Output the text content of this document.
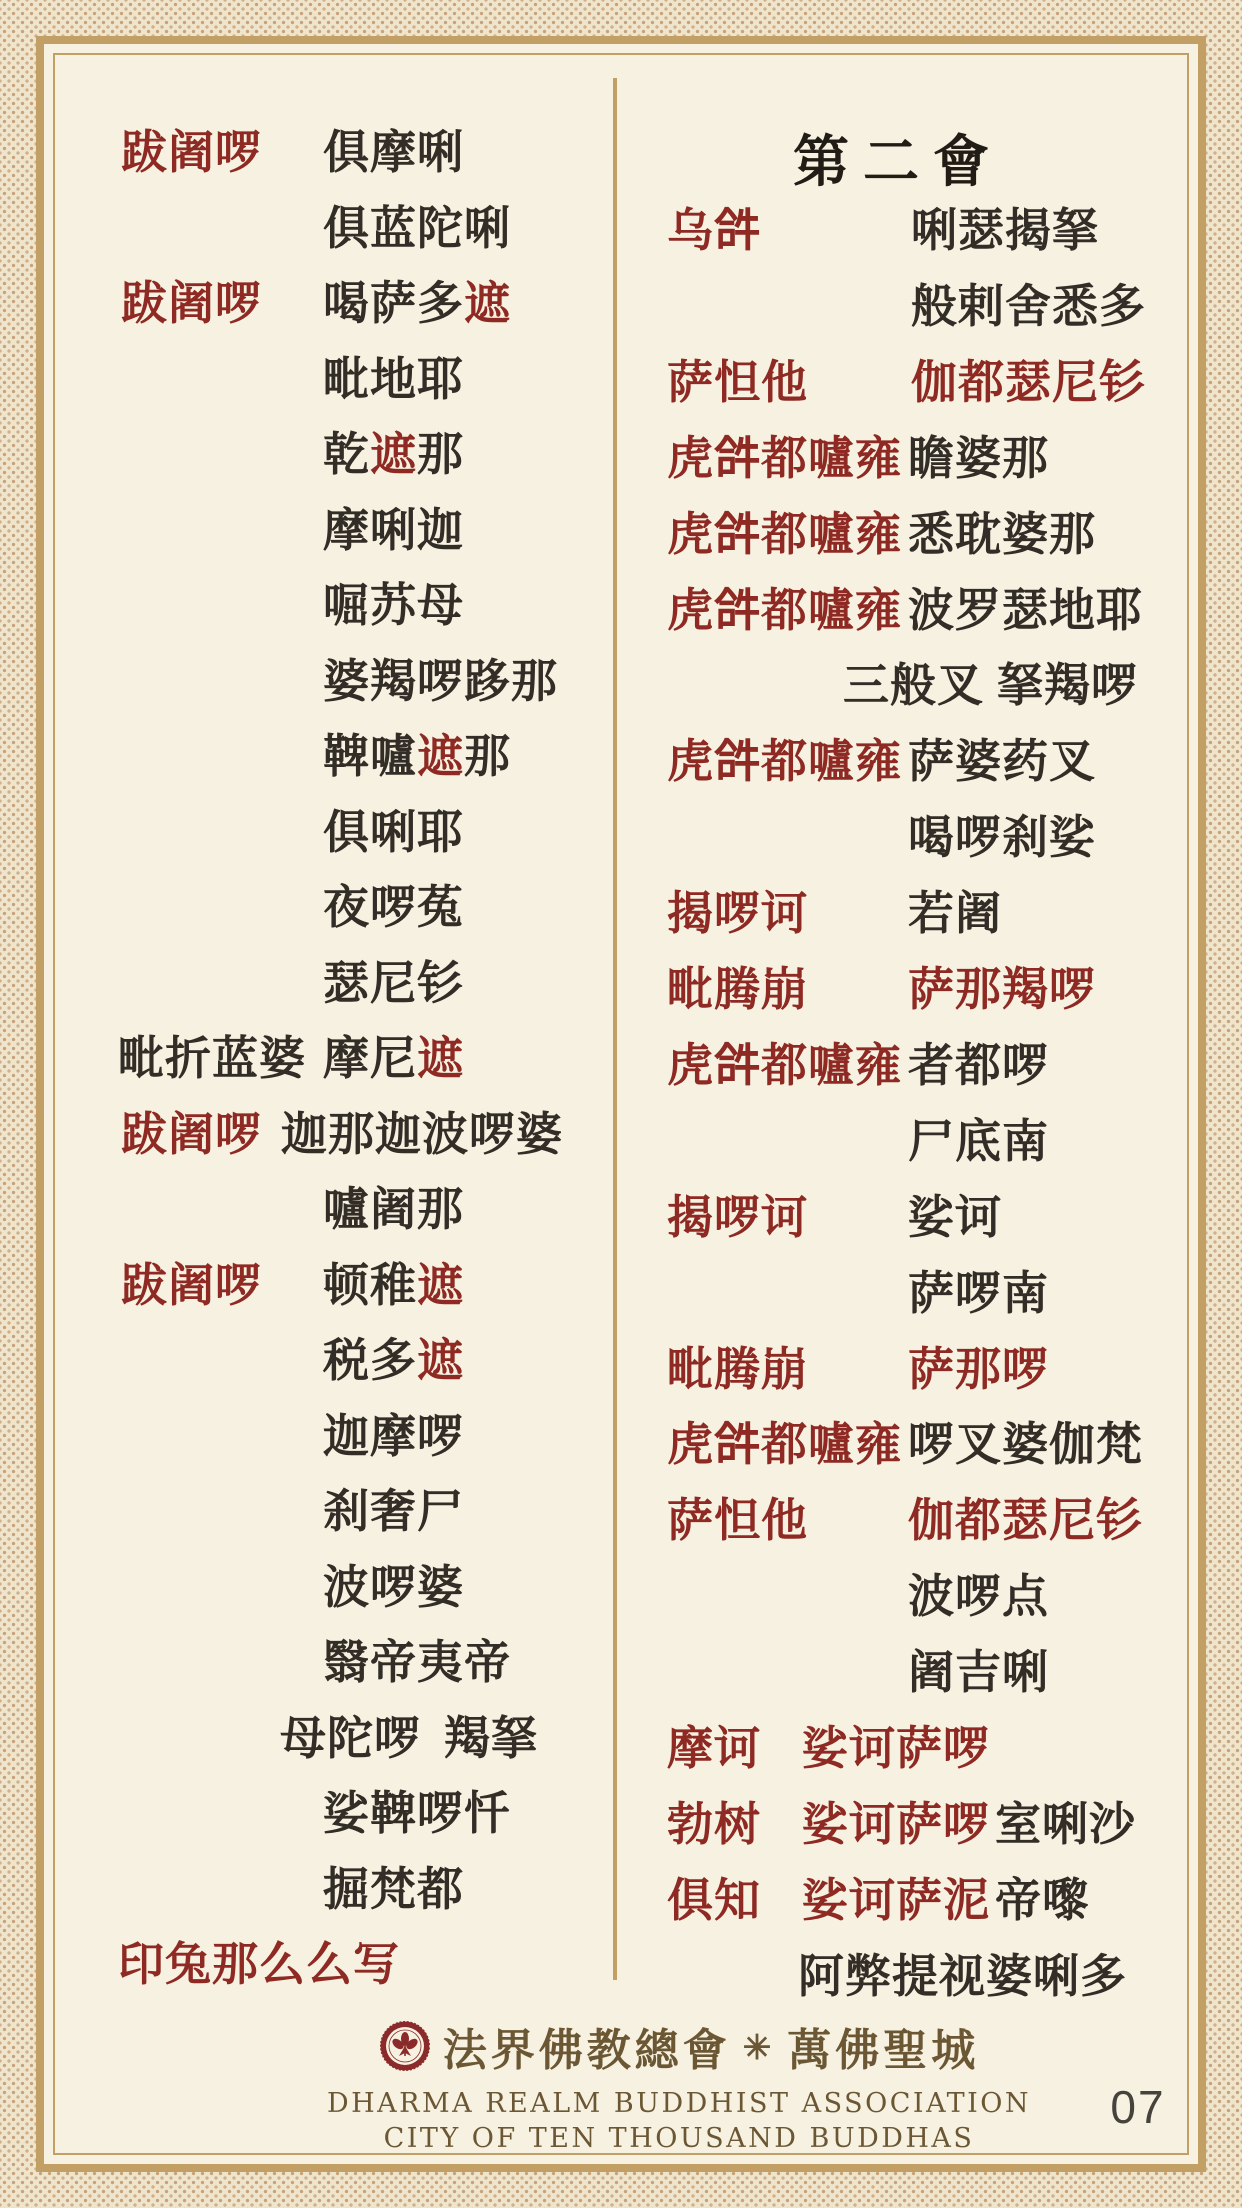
第二會
跋阇啰 俱摩唎
俱蓝陀唎
跋阇啰 喝萨多遮
毗地耶
乾遮那
摩唎迦
啒苏母
婆羯啰跢那
鞞嚧遮那
俱唎耶
夜啰菟
瑟尼钐
毗折蓝婆 摩尼遮
跋阇啰 迦那迦波啰婆
嚧阇那
跋阇啰 顿稚遮
税多遮
迦摩啰
刹奢尸
波啰婆
翳帝夷帝
母陀啰 羯拏
娑鞞啰忏
掘梵都
印兔那么么写
乌𤙖	唎瑟揭拏
般剌舍悉多
萨怛他 伽都瑟尼钐
虎𤙖都嚧雍 瞻婆那
虎𤙖都嚧雍 悉耽婆那
虎𤙖都嚧雍 波罗瑟地耶
三般叉 拏羯啰
虎𤙖都嚧雍 萨婆药叉
喝啰刹娑
揭啰诃 若阇
毗腾崩 萨那羯啰
虎𤙖都嚧雍 者都啰
尸底南
揭啰诃 娑诃
萨啰南
毗腾崩 萨那啰
虎𤙖都嚧雍 啰叉婆伽梵
萨怛他 伽都瑟尼钐
波啰点
阇吉唎
摩诃 娑诃萨啰
勃树 娑诃萨啰 室唎沙
俱知 娑诃萨泥 帝嚟
阿弊提视婆唎多
法界佛教總會 ✳ 萬佛聖城
DHARMA REALM BUDDHIST ASSOCIATION
CITY OF TEN THOUSAND BUDDHAS
07
